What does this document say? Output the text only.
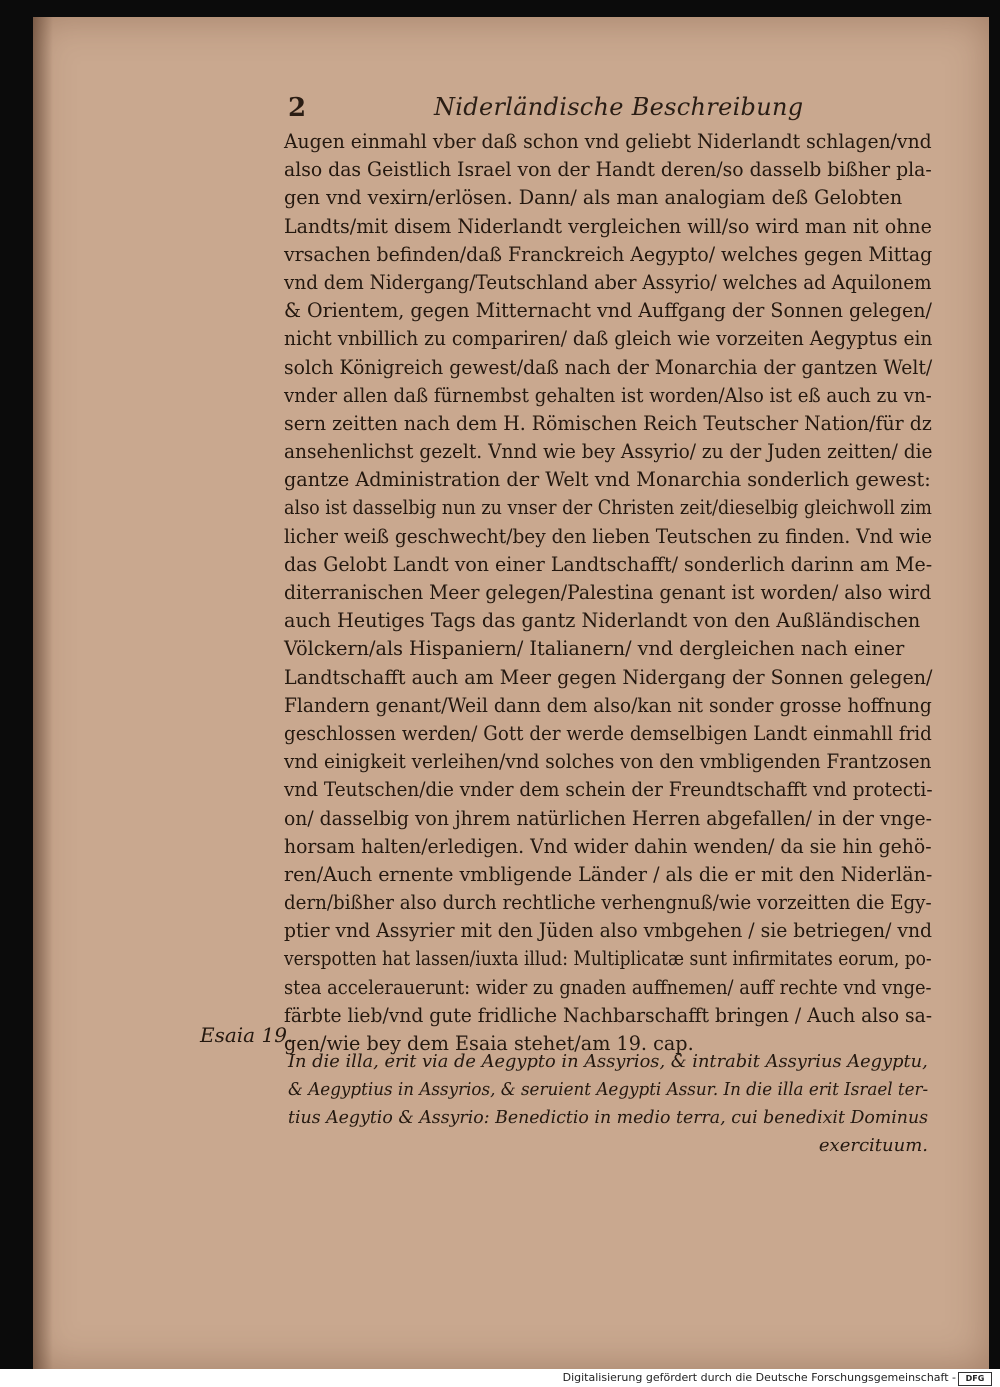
2	Niderländische Beschreibung
Augen einmahl vber daß schon vnd geliebt Niderlandt schlagen/vnd
also das Geistlich Israel von der Handt deren/so dasselb bißher pla-
gen vnd vexirn/erlösen. Dann/ als man analogiam deß Gelobten
Landts/mit disem Niderlandt vergleichen will/so wird man nit ohne
vrsachen befinden/daß Franckreich Aegypto/ welches gegen Mittag
vnd dem Nidergang/Teutschland aber Assyrio/ welches ad Aquilonem
& Orientem, gegen Mitternacht vnd Auffgang der Sonnen gelegen/
nicht vnbillich zu compariren/ daß gleich wie vorzeiten Aegyptus ein
solch Königreich gewest/daß nach der Monarchia der gantzen Welt/
vnder allen daß fürnembst gehalten ist worden/Also ist eß auch zu vn-
sern zeitten nach dem H. Römischen Reich Teutscher Nation/für dz
ansehenlichst gezelt. Vnnd wie bey Assyrio/ zu der Juden zeitten/ die
gantze Administration der Welt vnd Monarchia sonderlich gewest:
also ist dasselbig nun zu vnser der Christen zeit/dieselbig gleichwoll zim
licher weiß geschwecht/bey den lieben Teutschen zu finden. Vnd wie
das Gelobt Landt von einer Landtschafft/ sonderlich darinn am Me-
diterranischen Meer gelegen/Palestina genant ist worden/ also wird
auch Heutiges Tags das gantz Niderlandt von den Außländischen
Völckern/als Hispaniern/ Italianern/ vnd dergleichen nach einer
Landtschafft auch am Meer gegen Nidergang der Sonnen gelegen/
Flandern genant/Weil dann dem also/kan nit sonder grosse hoffnung
geschlossen werden/ Gott der werde demselbigen Landt einmahll frid
vnd einigkeit verleihen/vnd solches von den vmbligenden Frantzosen
vnd Teutschen/die vnder dem schein der Freundtschafft vnd protecti-
on/ dasselbig von jhrem natürlichen Herren abgefallen/ in der vnge-
horsam halten/erledigen. Vnd wider dahin wenden/ da sie hin gehö-
ren/Auch ernente vmbligende Länder / als die er mit den Niderlän-
dern/bißher also durch rechtliche verhengnuß/wie vorzeitten die Egy-
ptier vnd Assyrier mit den Jüden also vmbgehen / sie betriegen/ vnd
verspotten hat lassen/iuxta illud: Multiplicatæ sunt infirmitates eorum, po-
stea accelerauerunt: wider zu gnaden auffnemen/ auff rechte vnd vnge-
färbte lieb/vnd gute fridliche Nachbarschafft bringen / Auch also sa-
gen/wie bey dem Esaia stehet/am 19. cap.
Esaia 19.
In die illa, erit via de Aegypto in Assyrios, & intrabit Assyrius Aegyptu,
& Aegyptius in Assyrios, & seruient Aegypti Assur. In die illa erit Israel ter-
tius Aegytio & Assyrio: Benedictio in medio terra, cui benedixit Dominus
exercituum.
Digitalisierung gefördert durch die Deutsche Forschungsgemeinschaft -	DFG
